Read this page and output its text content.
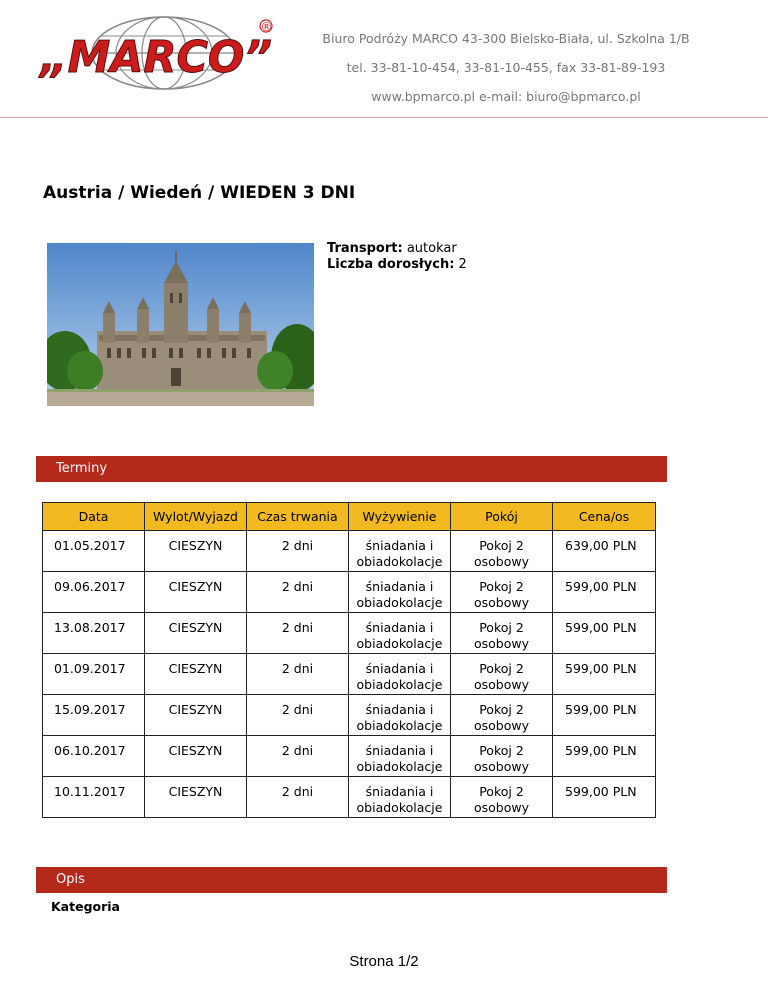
„MARCO”
®
Biuro Podróży MARCO 43-300 Bielsko-Biała, ul. Szkolna 1/B
tel. 33-81-10-454, 33-81-10-455, fax 33-81-89-193
www.bpmarco.pl e-mail: biuro@bpmarco.pl
Austria / Wiedeń / WIEDEN 3 DNI
Transport: autokar
Liczba dorosłych: 2
Terminy
Data	Wylot/Wyjazd	Czas trwania	Wyżywienie	Pokój	Cena/os
01.05.2017	CIESZYN	2 dni	śniadania i obiadokolacje	Pokoj 2 osobowy	639,00 PLN
09.06.2017	CIESZYN	2 dni	śniadania i obiadokolacje	Pokoj 2 osobowy	599,00 PLN
13.08.2017	CIESZYN	2 dni	śniadania i obiadokolacje	Pokoj 2 osobowy	599,00 PLN
01.09.2017	CIESZYN	2 dni	śniadania i obiadokolacje	Pokoj 2 osobowy	599,00 PLN
15.09.2017	CIESZYN	2 dni	śniadania i obiadokolacje	Pokoj 2 osobowy	599,00 PLN
06.10.2017	CIESZYN	2 dni	śniadania i obiadokolacje	Pokoj 2 osobowy	599,00 PLN
10.11.2017	CIESZYN	2 dni	śniadania i obiadokolacje	Pokoj 2 osobowy	599,00 PLN
Opis
Kategoria
Strona 1/2
